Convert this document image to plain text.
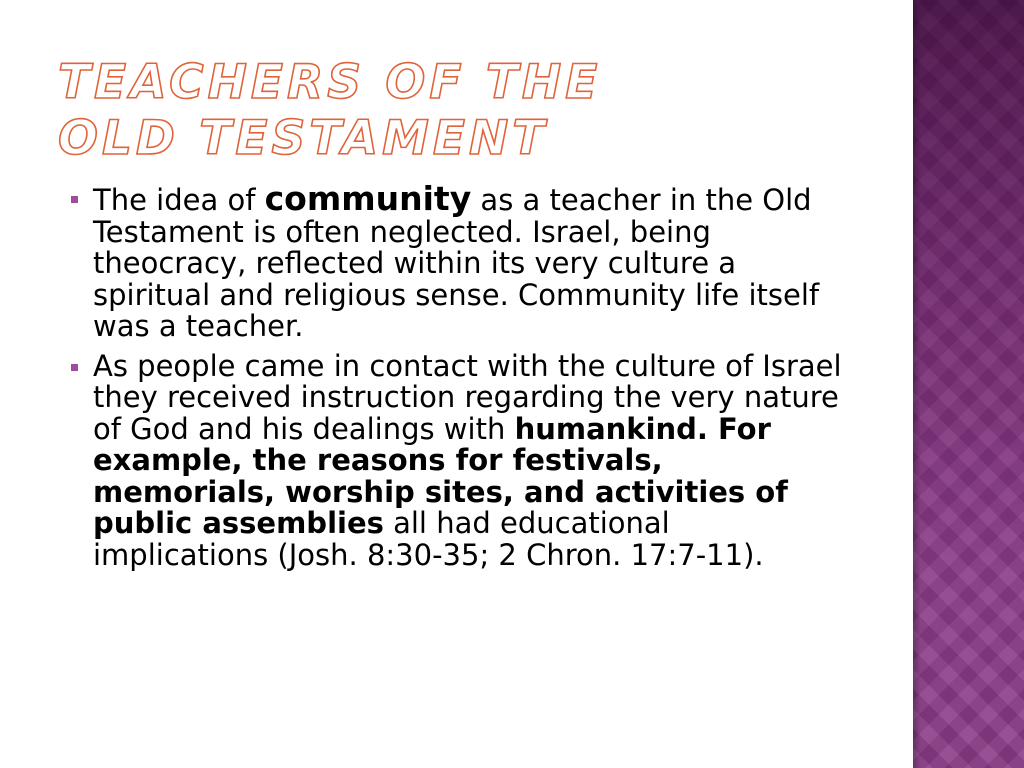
TEACHERS OF THE OLD TESTAMENT

The idea of community as a teacher in the Old Testament is often neglected. Israel, being theocracy, reflected within its very culture a spiritual and religious sense. Community life itself was a teacher.

As people came in contact with the culture of Israel they received instruction regarding the very nature of God and his dealings with humankind. For example, the reasons for festivals, memorials, worship sites, and activities of public assemblies all had educational implications (Josh. 8:30-35; 2 Chron. 17:7-11).
